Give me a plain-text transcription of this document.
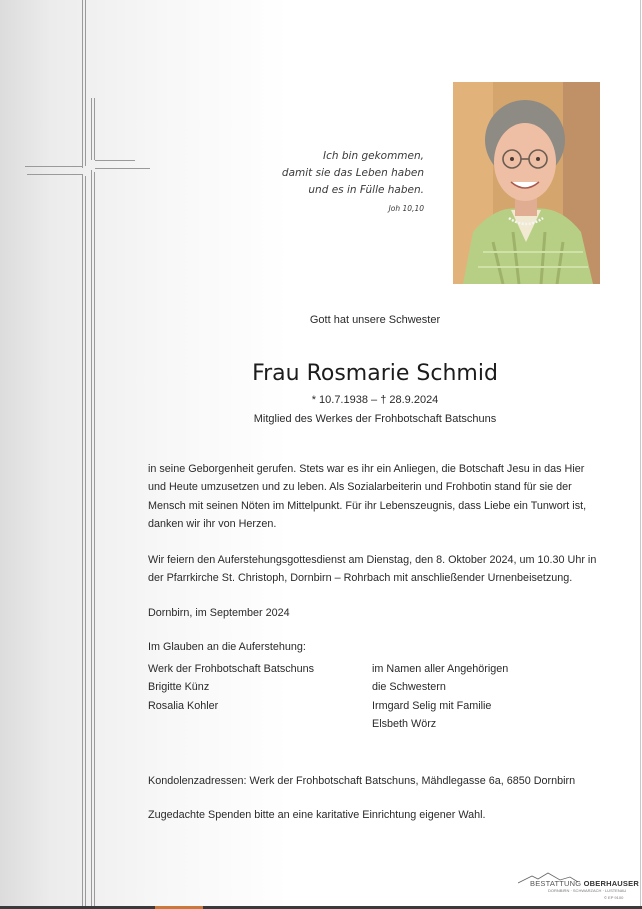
Ich bin gekommen,
damit sie das Leben haben
und es in Fülle haben.
Joh 10,10
Gott hat unsere Schwester
Frau Rosmarie Schmid
* 10.7.1938 – † 28.9.2024
Mitglied des Werkes der Frohbotschaft Batschuns
in seine Geborgenheit gerufen. Stets war es ihr ein Anliegen, die Botschaft Jesu in das Hier und Heute umzusetzen und zu leben. Als Sozialarbeiterin und Frohbotin stand für sie der Mensch mit seinen Nöten im Mittelpunkt. Für ihr Lebenszeugnis, dass Liebe ein Tunwort ist, danken wir ihr von Herzen.
Wir feiern den Auferstehungsgottesdienst am Dienstag, den 8. Oktober 2024, um 10.30 Uhr in der Pfarrkirche St. Christoph, Dornbirn – Rohrbach mit anschließender Urnenbeisetzung.
Dornbirn, im September 2024
Im Glauben an die Auferstehung:
Werk der Frohbotschaft Batschuns
Brigitte Künz
Rosalia Kohler
im Namen aller Angehörigen
die Schwestern
Irmgard Selig mit Familie
Elsbeth Wörz
Kondolenzadressen: Werk der Frohbotschaft Batschuns, Mähdlegasse 6a, 6850 Dornbirn
Zugedachte Spenden bitte an eine karitative Einrichtung eigener Wahl.
BESTATTUNG OBERHAUSER
DORNBIRN · SCHWARZACH · LUSTENAU
© EP 9100
